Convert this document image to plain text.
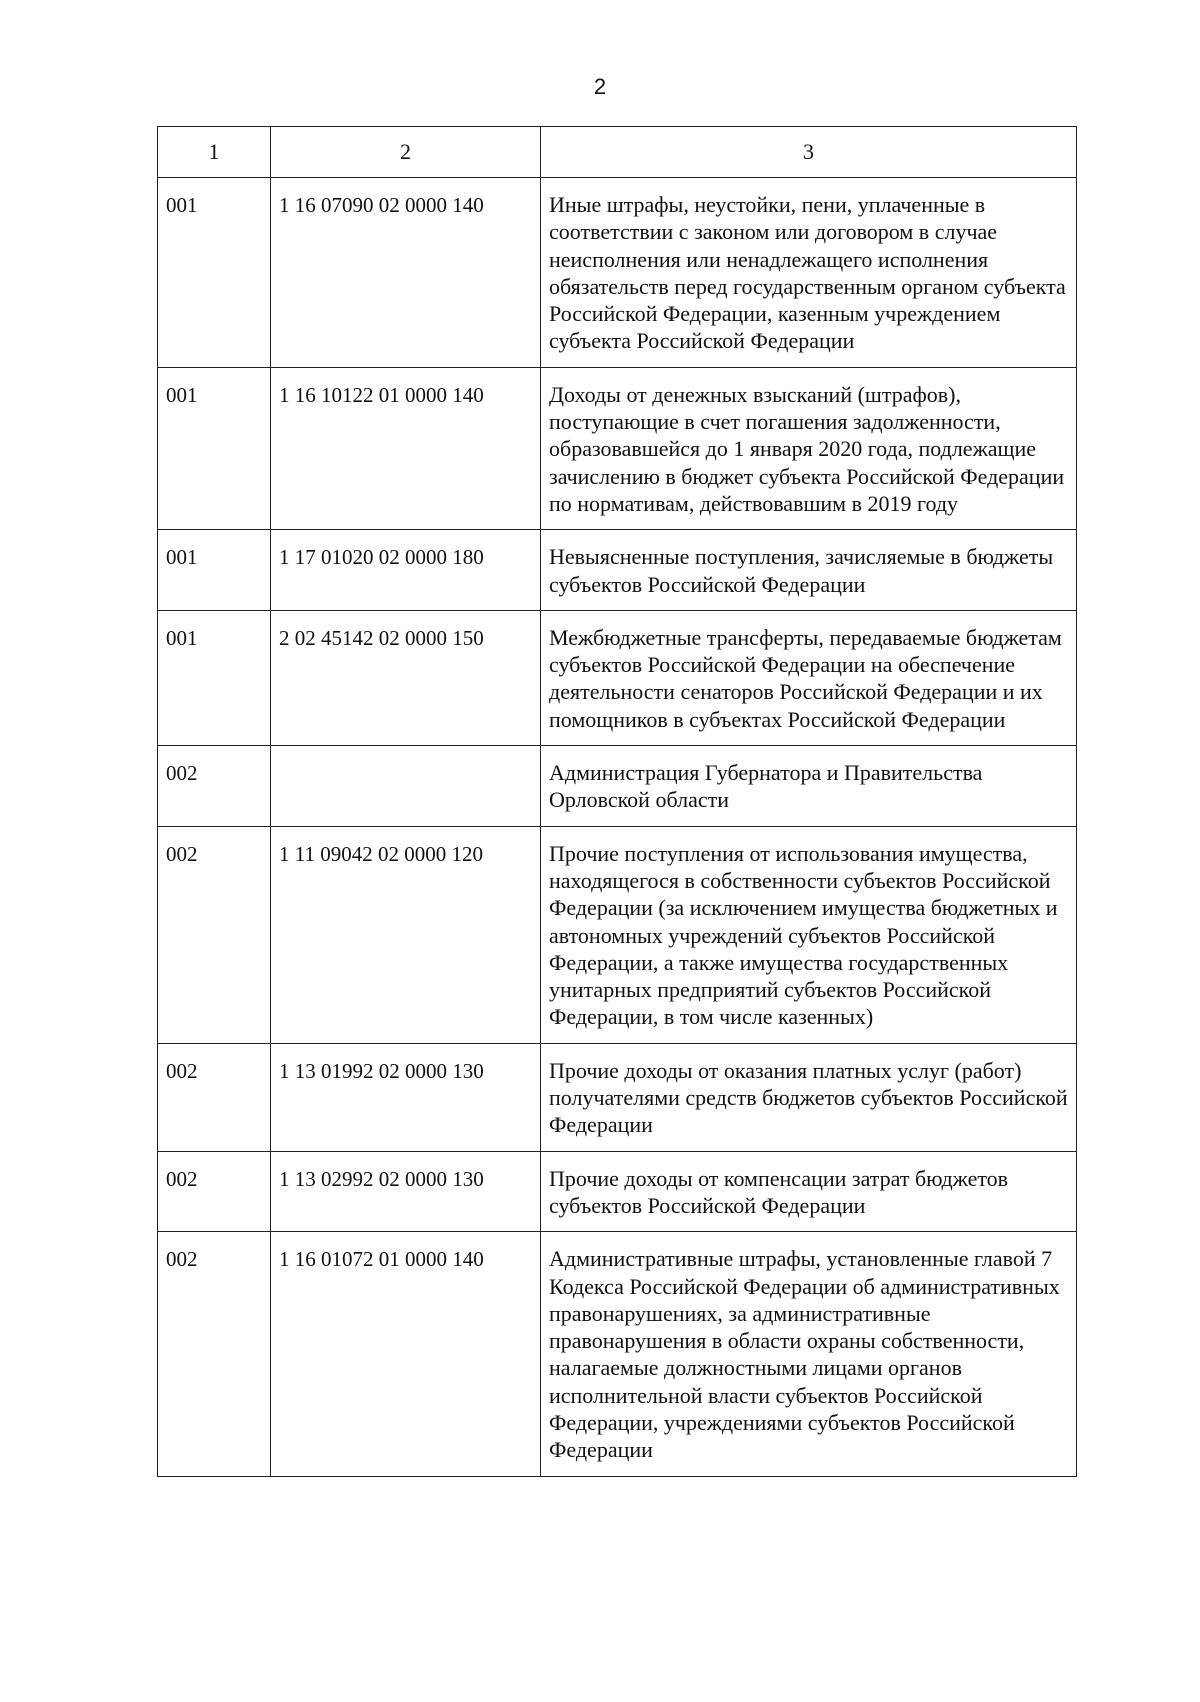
2
1	2	3

001	1 16 07090 02 0000 140	Иные штрафы, неустойки, пени, уплаченные в соответствии с законом или договором в случае неисполнения или ненадлежащего исполнения обязательств перед государственным органом субъекта Российской Федерации, казенным учреждением субъекта Российской Федерации

001	1 16 10122 01 0000 140	Доходы от денежных взысканий (штрафов), поступающие в счет погашения задолженности, образовавшейся до 1 января 2020 года, подлежащие зачислению в бюджет субъекта Российской Федерации по нормативам, действовавшим в 2019 году

001	1 17 01020 02 0000 180	Невыясненные поступления, зачисляемые в бюджеты субъектов Российской Федерации

001	2 02 45142 02 0000 150	Межбюджетные трансферты, передаваемые бюджетам субъектов Российской Федерации на обеспечение деятельности сенаторов Российской Федерации и их помощников в субъектах Российской Федерации

002		Администрация Губернатора и Правительства Орловской области

002	1 11 09042 02 0000 120	Прочие поступления от использования имущества, находящегося в собственности субъектов Российской Федерации (за исключением имущества бюджетных и автономных учреждений субъектов Российской Федерации, а также имущества государственных унитарных предприятий субъектов Российской Федерации, в том числе казенных)

002	1 13 01992 02 0000 130	Прочие доходы от оказания платных услуг (работ) получателями средств бюджетов субъектов Российской Федерации

002	1 13 02992 02 0000 130	Прочие доходы от компенсации затрат бюджетов субъектов Российской Федерации

002	1 16 01072 01 0000 140	Административные штрафы, установленные главой 7 Кодекса Российской Федерации об административных правонарушениях, за административные правонарушения в области охраны собственности, налагаемые должностными лицами органов исполнительной власти субъектов Российской Федерации, учреждениями субъектов Российской Федерации
